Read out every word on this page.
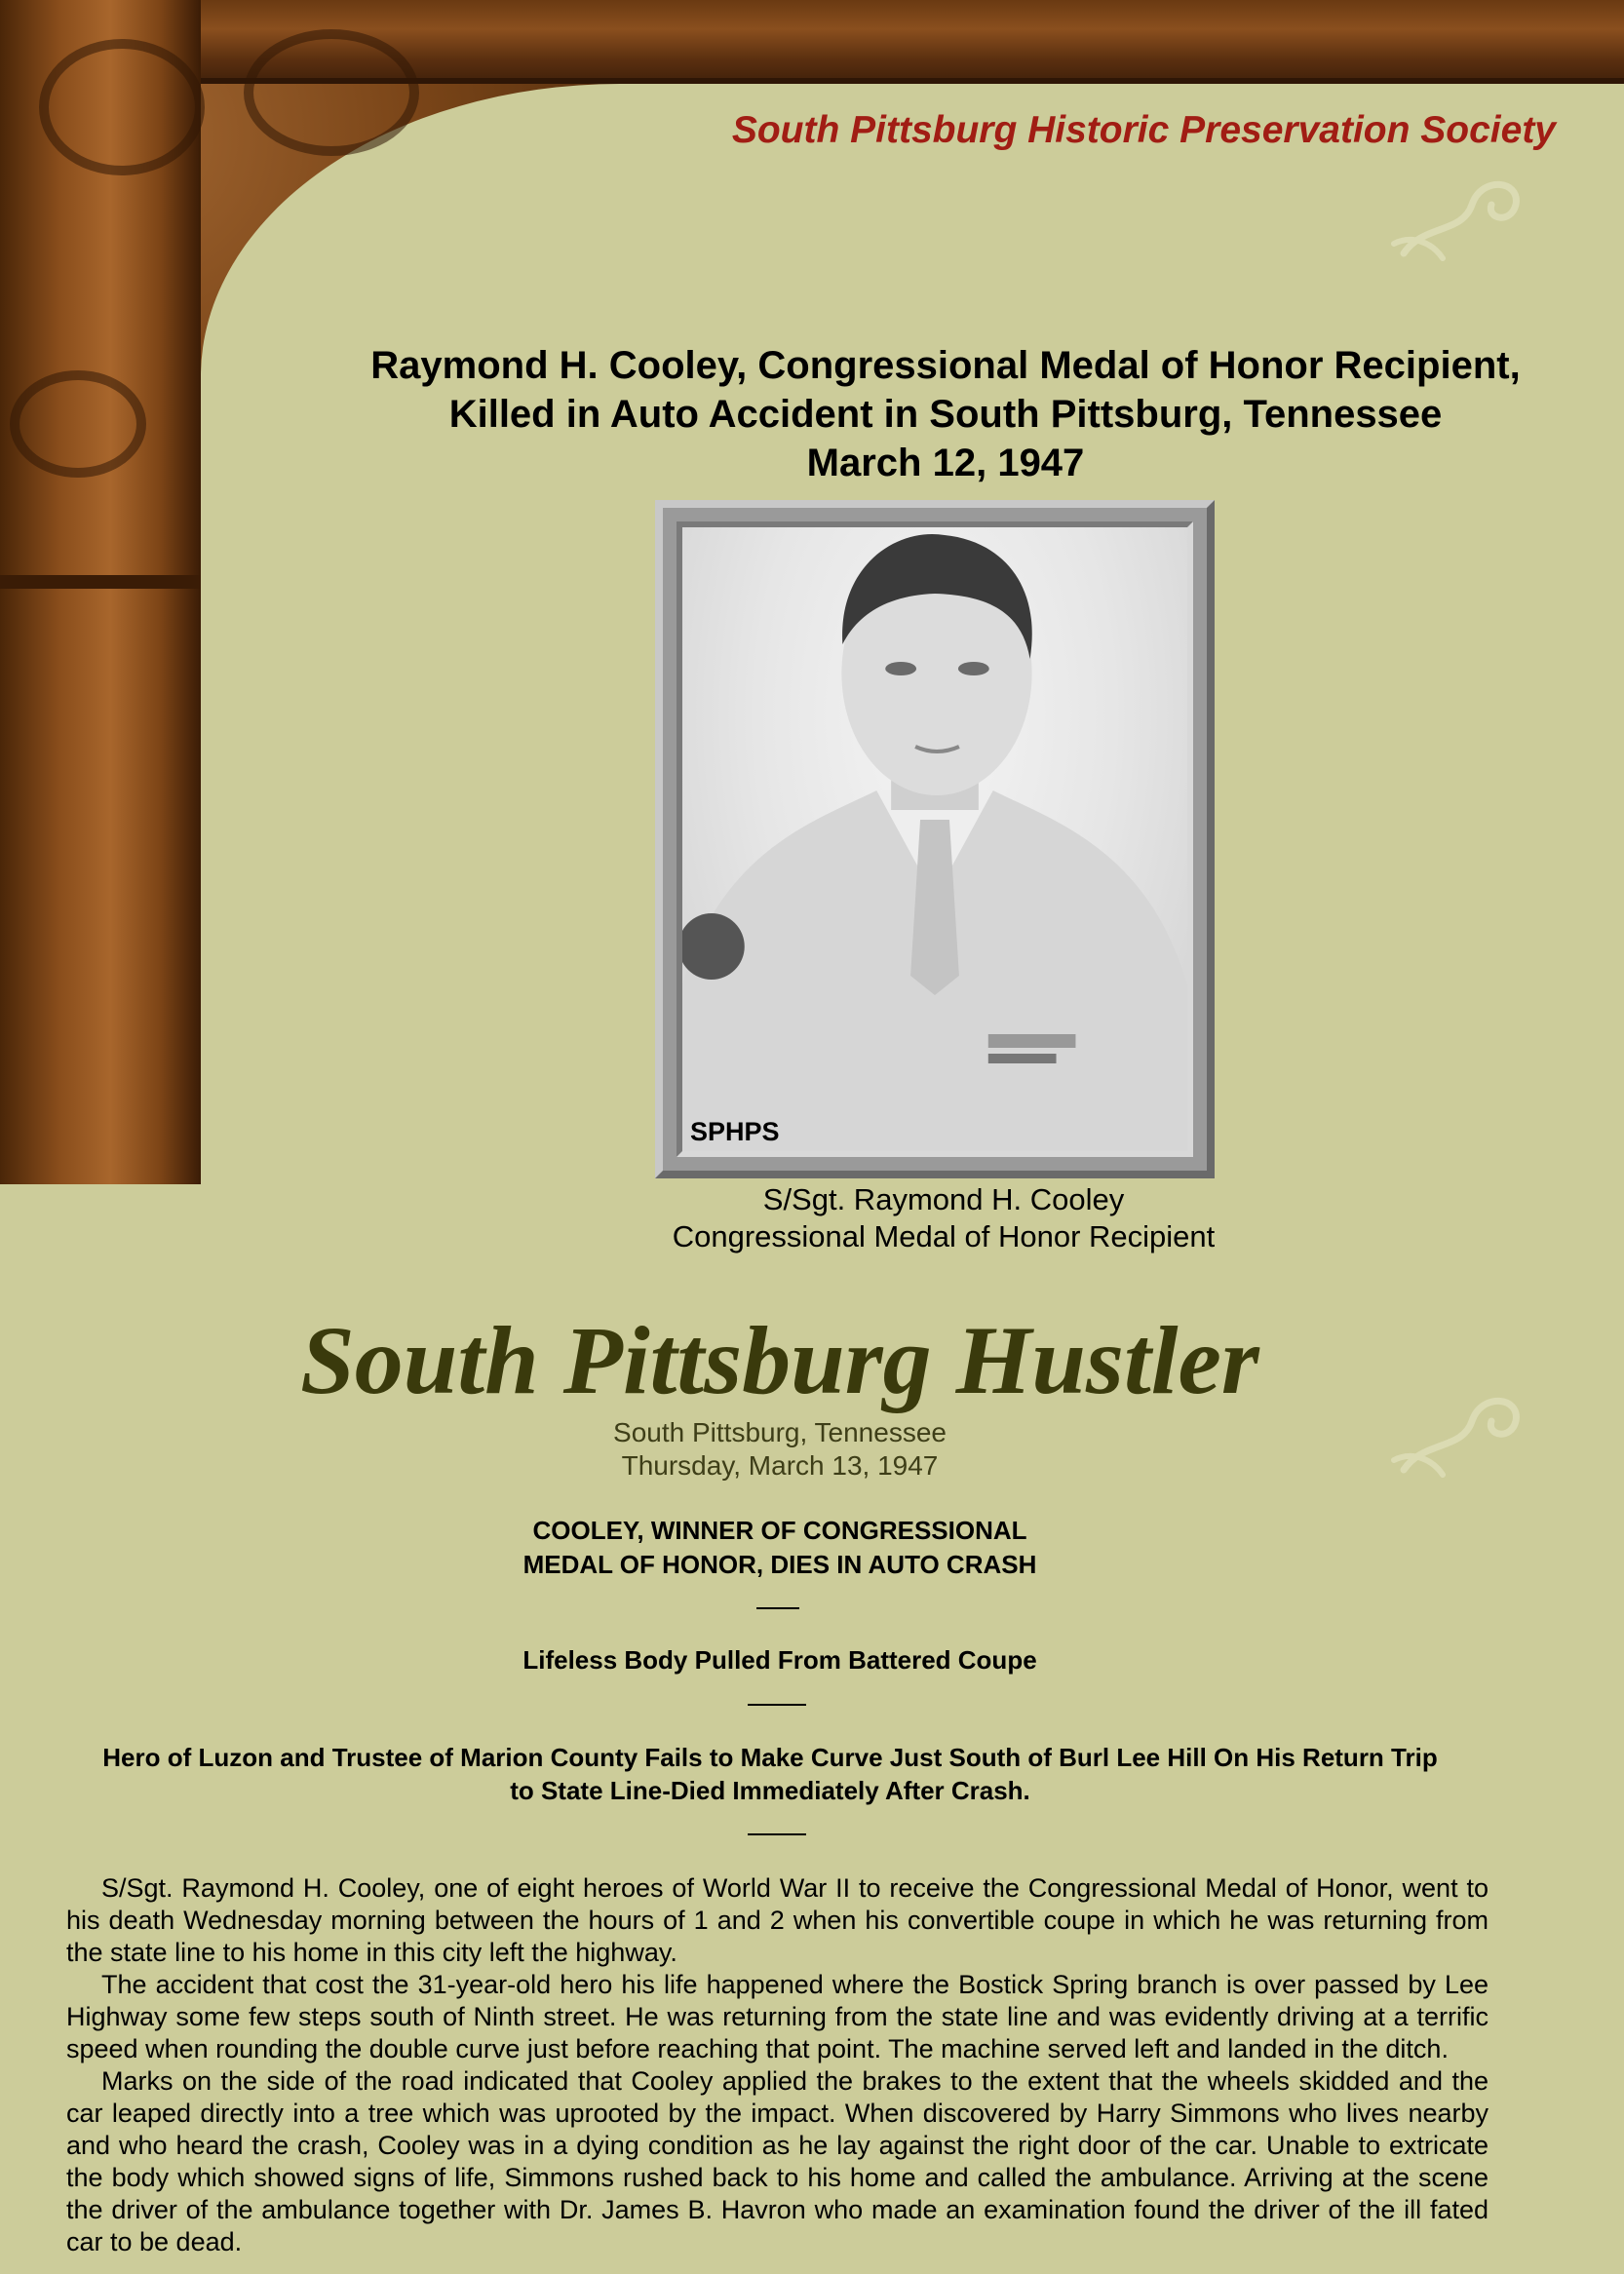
South Pittsburg Historic Preservation Society
Raymond H. Cooley, Congressional Medal of Honor Recipient,
Killed in Auto Accident in South Pittsburg, Tennessee
March 12, 1947
SPHPS
S/Sgt. Raymond H. Cooley
Congressional Medal of Honor Recipient
South Pittsburg Hustler
South Pittsburg, Tennessee
Thursday, March 13, 1947
COOLEY, WINNER OF CONGRESSIONAL
MEDAL OF HONOR, DIES IN AUTO CRASH
Lifeless Body Pulled From Battered Coupe
Hero of Luzon and Trustee of Marion County Fails to Make Curve Just South of Burl Lee Hill On His Return Trip
to State Line-Died Immediately After Crash.

S/Sgt. Raymond H. Cooley, one of eight heroes of World War II to receive the Congressional Medal of Honor, went to his death Wednesday morning between the hours of 1 and 2 when his convertible coupe in which he was returning from the state line to his home in this city left the highway.

The accident that cost the 31-year-old hero his life happened where the Bostick Spring branch is over passed by Lee Highway some few steps south of Ninth street. He was returning from the state line and was evidently driving at a terrific speed when rounding the double curve just before reaching that point. The machine served left and landed in the ditch.

Marks on the side of the road indicated that Cooley applied the brakes to the extent that the wheels skidded and the car leaped directly into a tree which was uprooted by the impact. When discovered by Harry Simmons who lives nearby and who heard the crash, Cooley was in a dying condition as he lay against the right door of the car. Unable to extricate the body which showed signs of life, Simmons rushed back to his home and called the ambulance. Arriving at the scene the driver of the ambulance together with Dr. James B. Havron who made an examination found the driver of the ill fated car to be dead.
